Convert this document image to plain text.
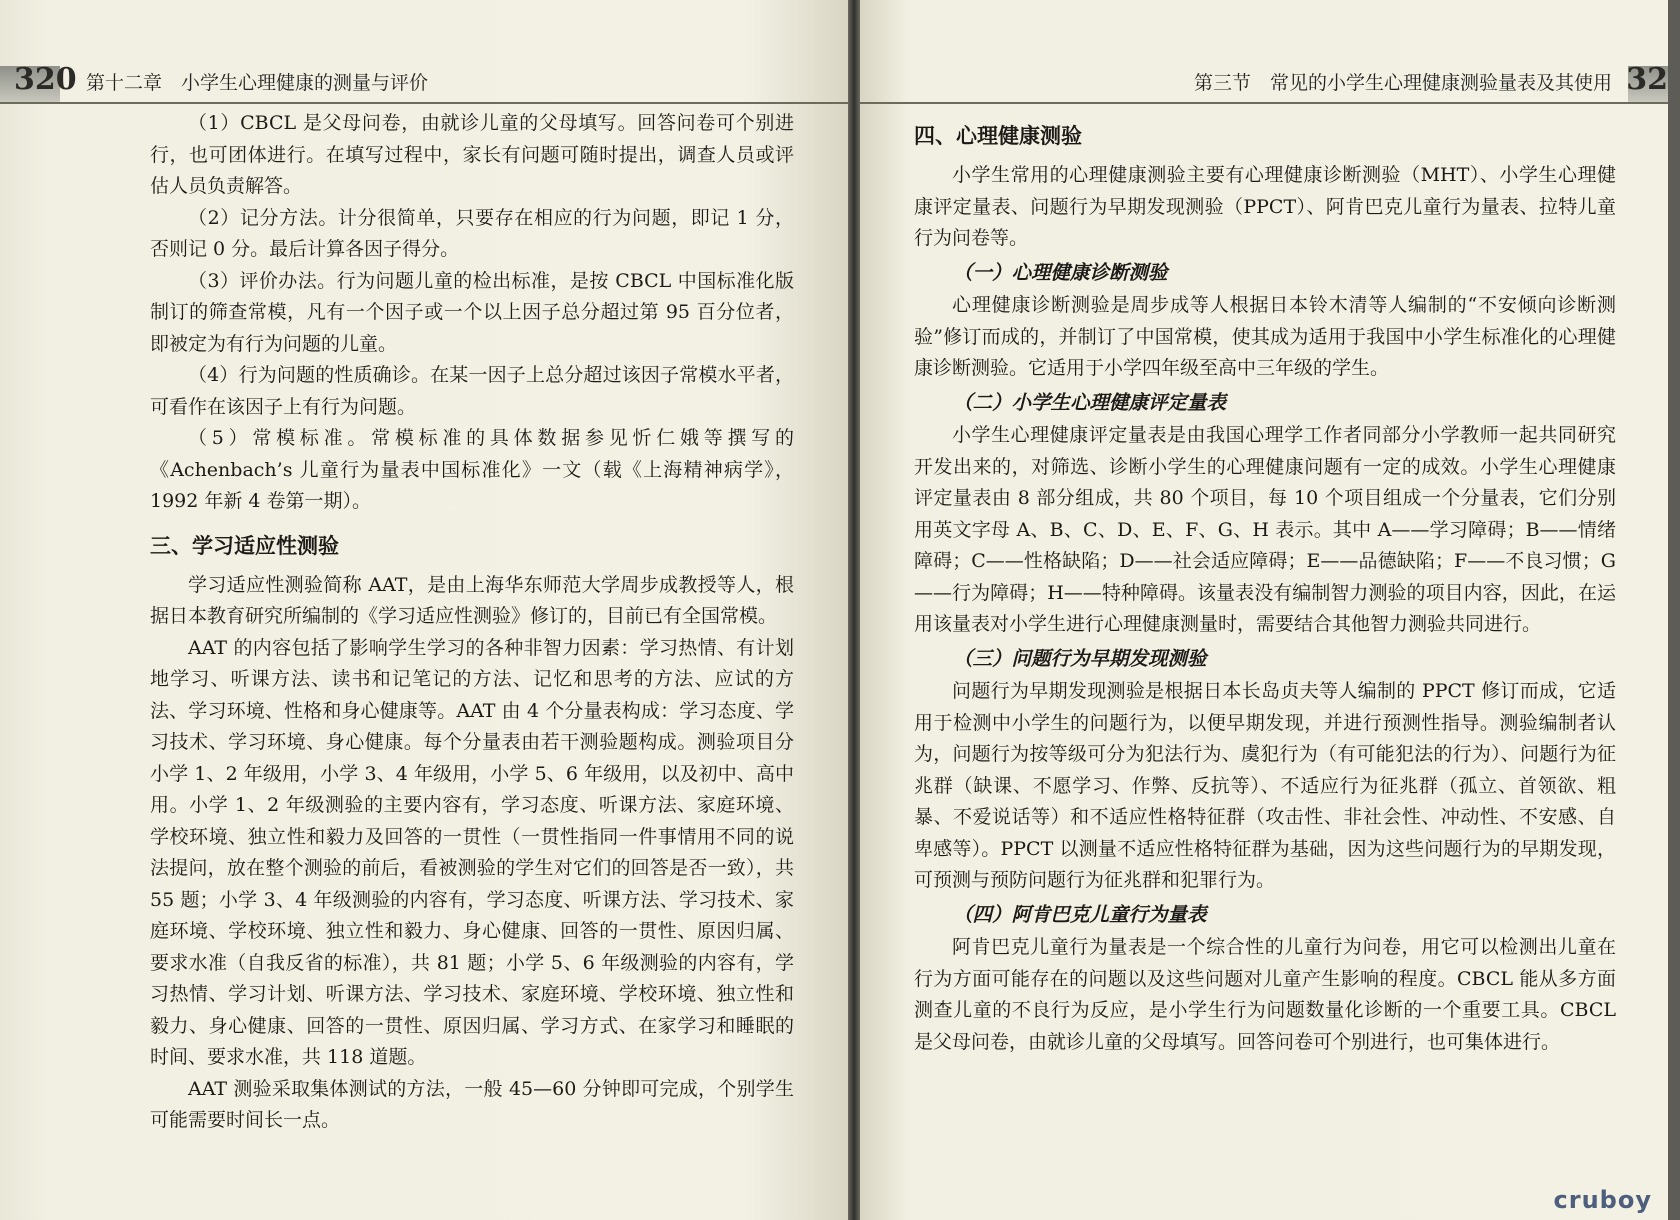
320 第十二章　小学生心理健康的测量与评价

（1）CBCL 是父母问卷，由就诊儿童的父母填写。回答问卷可个别进行，也可团体进行。在填写过程中，家长有问题可随时提出，调查人员或评估人员负责解答。

（2）记分方法。计分很简单，只要存在相应的行为问题，即记 1 分，否则记 0 分。最后计算各因子得分。

（3）评价办法。行为问题儿童的检出标准，是按 CBCL 中国标准化版制订的筛查常模，凡有一个因子或一个以上因子总分超过第 95 百分位者，即被定为有行为问题的儿童。

（4）行为问题的性质确诊。在某一因子上总分超过该因子常模水平者，可看作在该因子上有行为问题。

（5）常模标准。常模标准的具体数据参见忻仁娥等撰写的《Achenbach’s 儿童行为量表中国标准化》一文（载《上海精神病学》，1992 年新 4 卷第一期）。

三、学习适应性测验

学习适应性测验简称 AAT，是由上海华东师范大学周步成教授等人，根据日本教育研究所编制的《学习适应性测验》修订的，目前已有全国常模。

AAT 的内容包括了影响学生学习的各种非智力因素：学习热情、有计划地学习、听课方法、读书和记笔记的方法、记忆和思考的方法、应试的方法、学习环境、性格和身心健康等。AAT 由 4 个分量表构成：学习态度、学习技术、学习环境、身心健康。每个分量表由若干测验题构成。测验项目分小学 1、2 年级用，小学 3、4 年级用，小学 5、6 年级用，以及初中、高中用。小学 1、2 年级测验的主要内容有，学习态度、听课方法、家庭环境、学校环境、独立性和毅力及回答的一贯性（一贯性指同一件事情用不同的说法提问，放在整个测验的前后，看被测验的学生对它们的回答是否一致），共 55 题；小学 3、4 年级测验的内容有，学习态度、听课方法、学习技术、家庭环境、学校环境、独立性和毅力、身心健康、回答的一贯性、原因归属、要求水准（自我反省的标准），共 81 题；小学 5、6 年级测验的内容有，学习热情、学习计划、听课方法、学习技术、家庭环境、学校环境、独立性和毅力、身心健康、回答的一贯性、原因归属、学习方式、在家学习和睡眠的时间、要求水准，共 118 道题。

AAT 测验采取集体测试的方法，一般 45—60 分钟即可完成，个别学生可能需要时间长一点。

第三节　常见的小学生心理健康测验量表及其使用 32
四、心理健康测验

小学生常用的心理健康测验主要有心理健康诊断测验（MHT）、小学生心理健康评定量表、问题行为早期发现测验（PPCT）、阿肯巴克儿童行为量表、拉特儿童行为问卷等。

（一）心理健康诊断测验

心理健康诊断测验是周步成等人根据日本铃木清等人编制的“不安倾向诊断测验”修订而成的，并制订了中国常模，使其成为适用于我国中小学生标准化的心理健康诊断测验。它适用于小学四年级至高中三年级的学生。

（二）小学生心理健康评定量表

小学生心理健康评定量表是由我国心理学工作者同部分小学教师一起共同研究开发出来的，对筛选、诊断小学生的心理健康问题有一定的成效。小学生心理健康评定量表由 8 部分组成，共 80 个项目，每 10 个项目组成一个分量表，它们分别用英文字母 A、B、C、D、E、F、G、H 表示。其中 A——学习障碍；B——情绪障碍；C——性格缺陷；D——社会适应障碍；E——品德缺陷；F——不良习惯；G——行为障碍；H——特种障碍。该量表没有编制智力测验的项目内容，因此，在运用该量表对小学生进行心理健康测量时，需要结合其他智力测验共同进行。

（三）问题行为早期发现测验

问题行为早期发现测验是根据日本长岛贞夫等人编制的 PPCT 修订而成，它适用于检测中小学生的问题行为，以便早期发现，并进行预测性指导。测验编制者认为，问题行为按等级可分为犯法行为、虞犯行为（有可能犯法的行为）、问题行为征兆群（缺课、不愿学习、作弊、反抗等）、不适应行为征兆群（孤立、首领欲、粗暴、不爱说话等）和不适应性格特征群（攻击性、非社会性、冲动性、不安感、自卑感等）。PPCT 以测量不适应性格特征群为基础，因为这些问题行为的早期发现，可预测与预防问题行为征兆群和犯罪行为。

（四）阿肯巴克儿童行为量表

阿肯巴克儿童行为量表是一个综合性的儿童行为问卷，用它可以检测出儿童在行为方面可能存在的问题以及这些问题对儿童产生影响的程度。CBCL 能从多方面测查儿童的不良行为反应，是小学生行为问题数量化诊断的一个重要工具。CBCL 是父母问卷，由就诊儿童的父母填写。回答问卷可个别进行，也可集体进行。

cruboy
